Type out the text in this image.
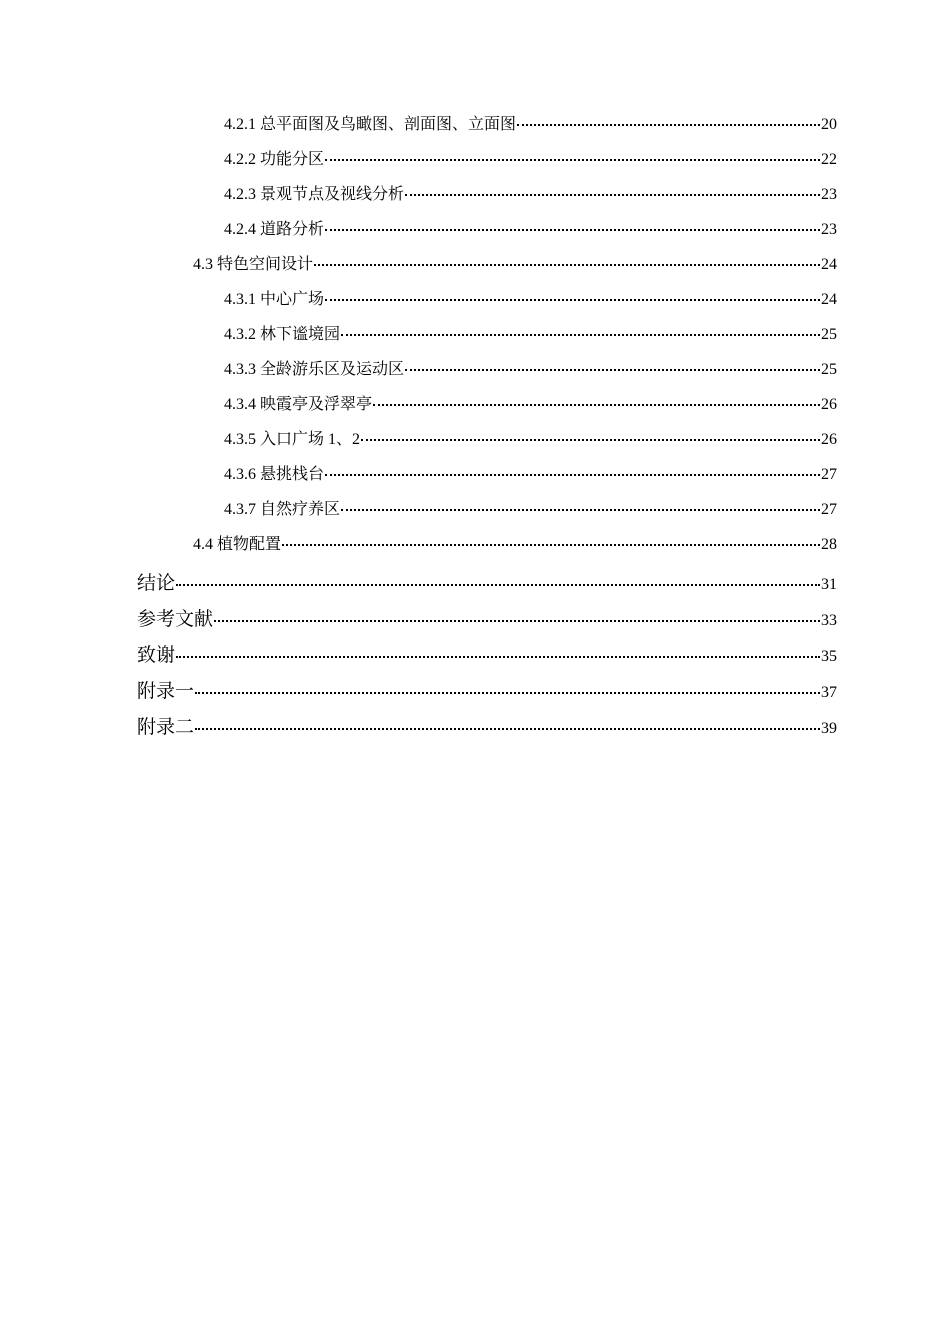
4.2.1 总平面图及鸟瞰图、剖面图、立面图	20
4.2.2 功能分区	22
4.2.3 景观节点及视线分析	23
4.2.4 道路分析	23
4.3 特色空间设计	24
4.3.1 中心广场	24
4.3.2 林下谧境园	25
4.3.3 全龄游乐区及运动区	25
4.3.4 映霞亭及浮翠亭	26
4.3.5 入口广场 1、2	26
4.3.6 悬挑栈台	27
4.3.7 自然疗养区	27
4.4 植物配置	28
结论	31
参考文献	33
致谢	35
附录一	37
附录二	39
